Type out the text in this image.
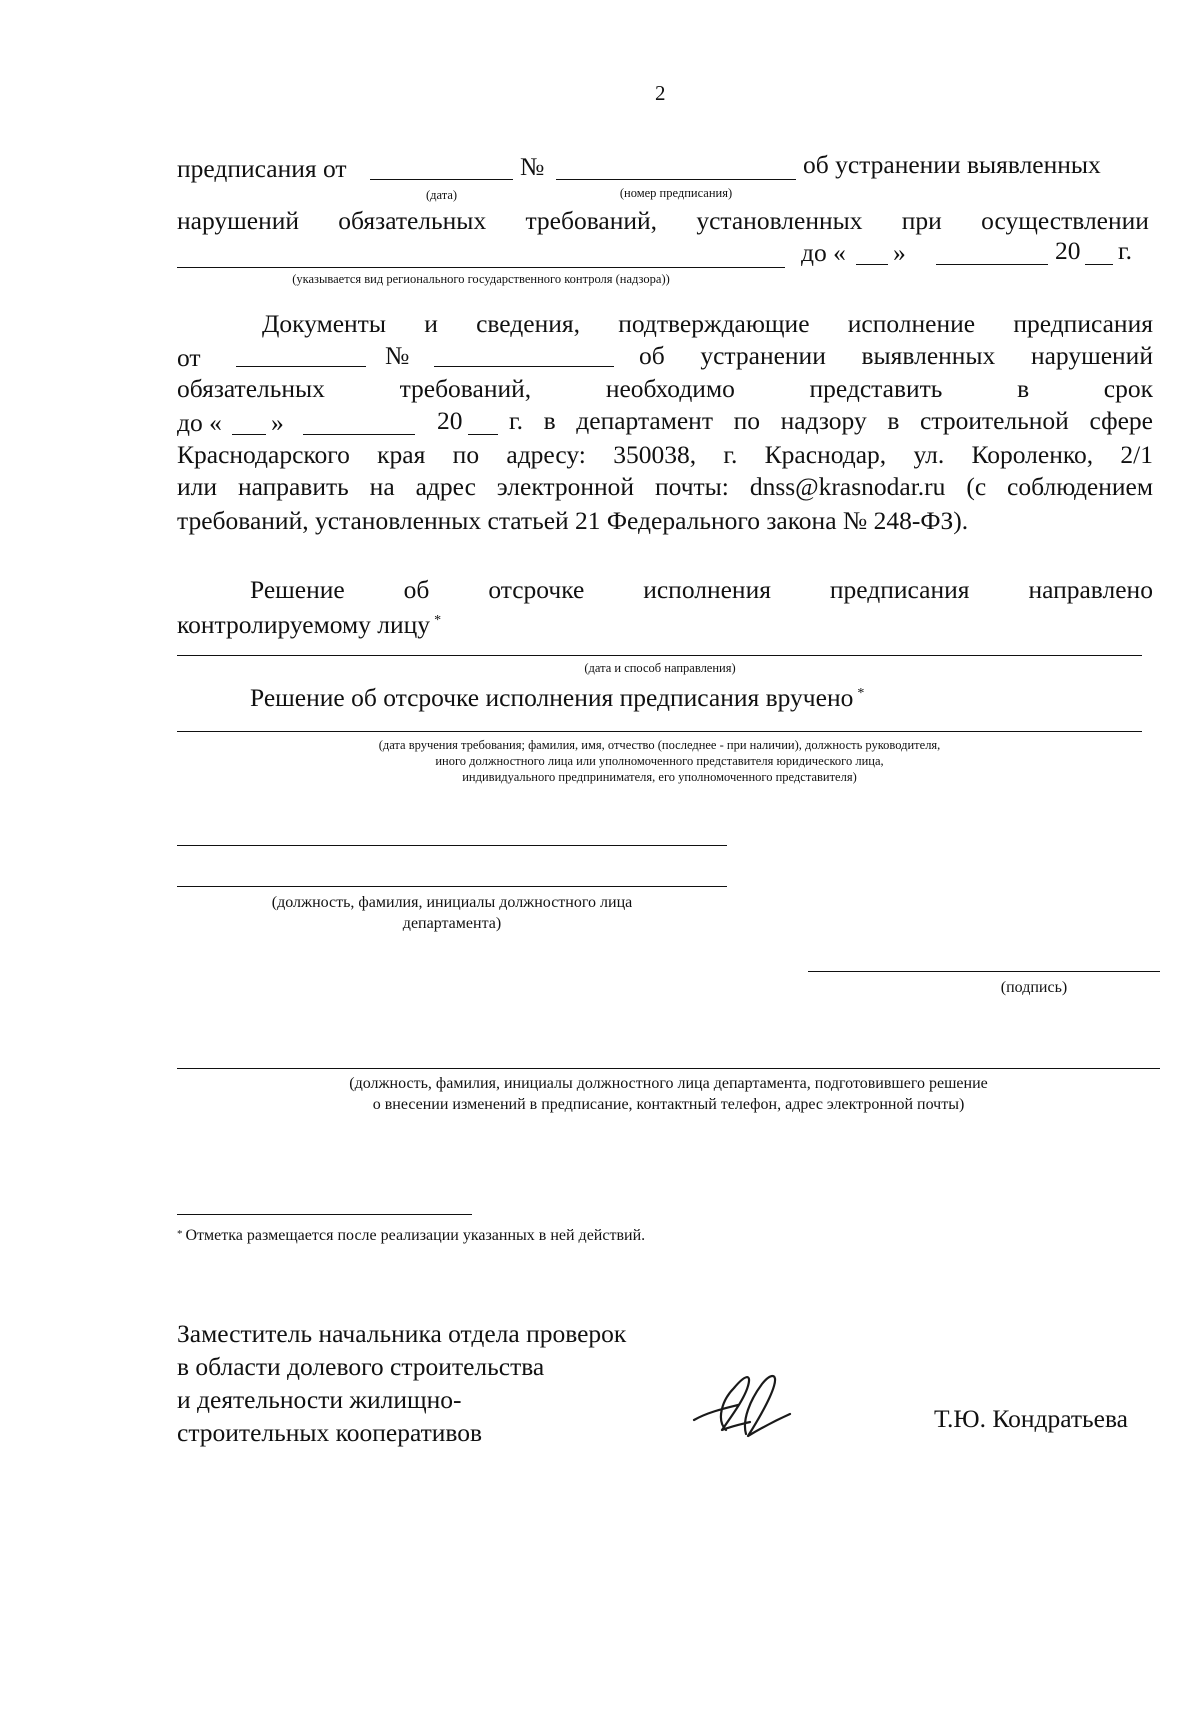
2
предписания от	№	об устранении выявленных
(дата)	(номер предписания)
нарушений обязательных требований, установленных при осуществлении
до « »	20 г.
(указывается вид регионального государственного контроля (надзора))
Документы и сведения, подтверждающие исполнение предписания
от	№	об устранении выявленных нарушений
обязательных	требований,	необходимо	представить	в	срок
до « »	20 г. в департамент по надзору в строительной сфере
Краснодарского края по адресу: 350038, г. Краснодар, ул. Короленко, 2/1
или направить на адрес электронной почты: dnss@krasnodar.ru (с соблюдением
требований, установленных статьей 21 Федерального закона № 248-ФЗ).
Решение об отсрочке исполнения предписания направлено
контролируемому лицу *
(дата и способ направления)
Решение об отсрочке исполнения предписания вручено *
(дата вручения требования; фамилия, имя, отчество (последнее - при наличии), должность руководителя,
иного должностного лица или уполномоченного представителя юридического лица,
индивидуального предпринимателя, его уполномоченного представителя)
(должность, фамилия, инициалы должностного лица
департамента)
(подпись)
(должность, фамилия, инициалы должностного лица департамента, подготовившего решение
о внесении изменений в предписание, контактный телефон, адрес электронной почты)
* Отметка размещается после реализации указанных в ней действий.
Заместитель начальника отдела проверок
в области долевого строительства
и деятельности жилищно-
строительных кооперативов	Т.Ю. Кондратьева
